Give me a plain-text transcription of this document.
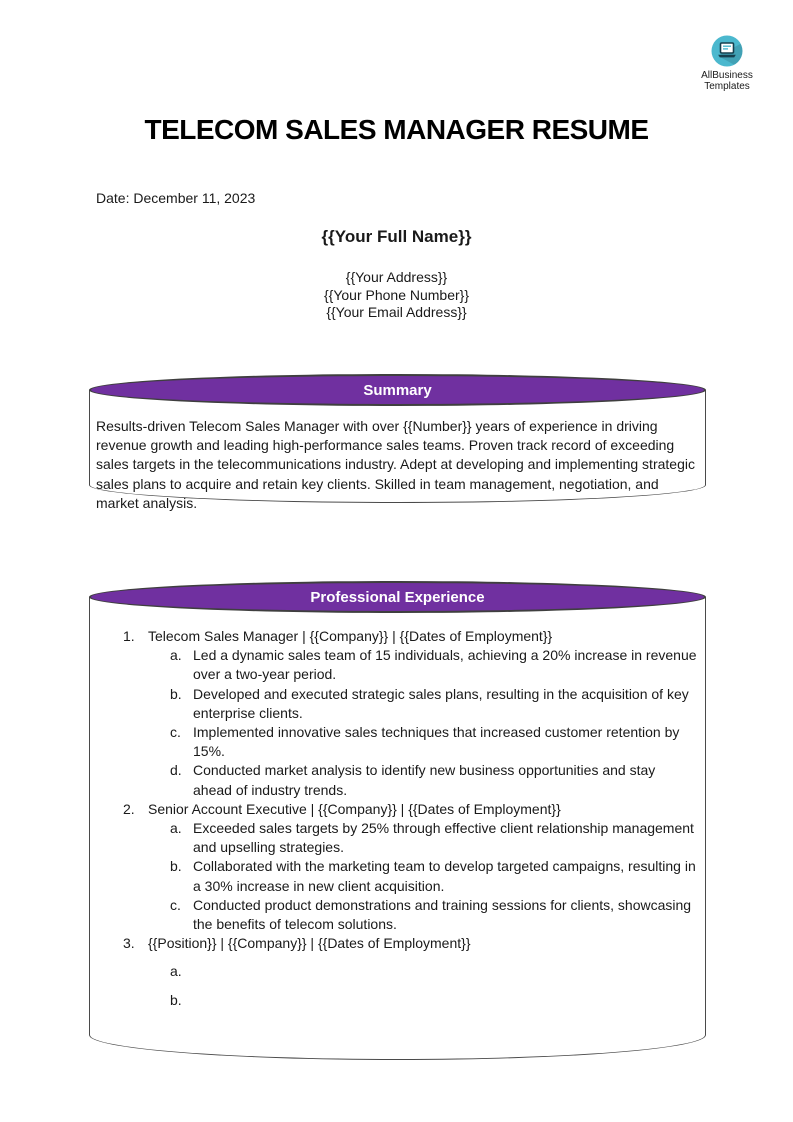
AllBusiness
Templates
TELECOM SALES MANAGER RESUME
Date: December 11, 2023
{{Your Full Name}}
{{Your Address}}
{{Your Phone Number}}
{{Your Email Address}}
Summary
Results-driven Telecom Sales Manager with over {{Number}} years of experience in driving revenue growth and leading high-performance sales teams. Proven track record of exceeding sales targets in the telecommunications industry. Adept at developing and implementing strategic sales plans to acquire and retain key clients. Skilled in team management, negotiation, and market analysis.
Professional Experience
1. Telecom Sales Manager | {{Company}} | {{Dates of Employment}}
a. Led a dynamic sales team of 15 individuals, achieving a 20% increase in revenue over a two-year period.
b. Developed and executed strategic sales plans, resulting in the acquisition of key enterprise clients.
c. Implemented innovative sales techniques that increased customer retention by 15%.
d. Conducted market analysis to identify new business opportunities and stay ahead of industry trends.
2. Senior Account Executive | {{Company}} | {{Dates of Employment}}
a. Exceeded sales targets by 25% through effective client relationship management and upselling strategies.
b. Collaborated with the marketing team to develop targeted campaigns, resulting in a 30% increase in new client acquisition.
c. Conducted product demonstrations and training sessions for clients, showcasing the benefits of telecom solutions.
3. {{Position}} | {{Company}} | {{Dates of Employment}}
a.
b.
